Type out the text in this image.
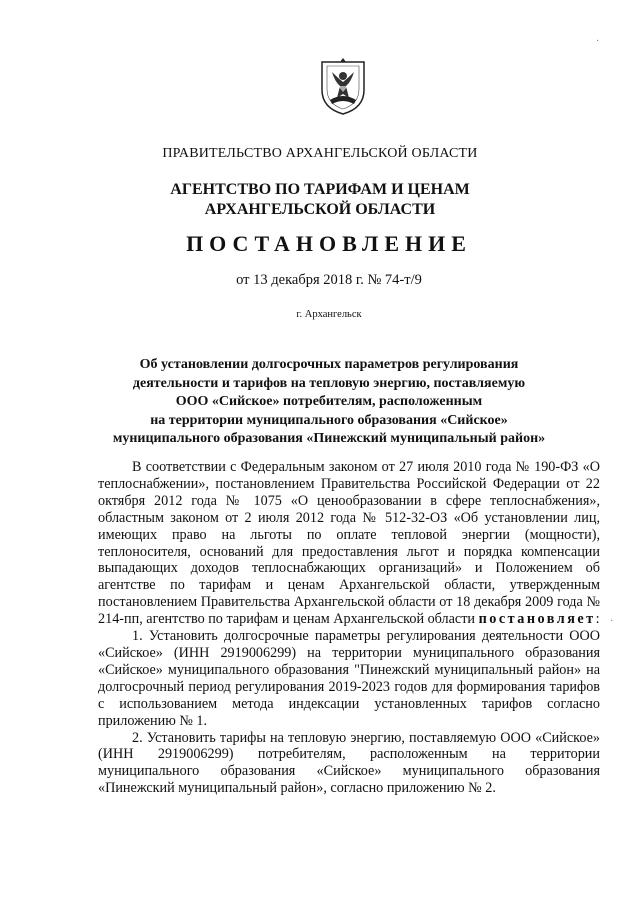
ПРАВИТЕЛЬСТВО АРХАНГЕЛЬСКОЙ ОБЛАСТИ
АГЕНТСТВО ПО ТАРИФАМ И ЦЕНАМ
АРХАНГЕЛЬСКОЙ ОБЛАСТИ
ПОСТАНОВЛЕНИЕ
от 13 декабря 2018 г. № 74-т/9
г. Архангельск
Об установлении долгосрочных параметров регулирования
деятельности и тарифов на тепловую энергию, поставляемую
ООО «Сийское» потребителям, расположенным
на территории муниципального образования «Сийское»
муниципального образования «Пинежский муниципальный район»

В соответствии с Федеральным законом от 27 июля 2010 года № 190-ФЗ «О теплоснабжении», постановлением Правительства Российской Федерации от 22 октября 2012 года № 1075 «О ценообразовании в сфере теплоснабжения», областным законом от 2 июля 2012 года № 512-32-ОЗ «Об установлении лиц, имеющих право на льготы по оплате тепловой энергии (мощности), теплоносителя, оснований для предоставления льгот и порядка компенсации выпадающих доходов теплоснабжающих организаций» и Положением об агентстве по тарифам и ценам Архангельской области, утвержденным постановлением Правительства Архангельской области от 18 декабря 2009 года № 214-пп, агентство по тарифам и ценам Архангельской области постановляет:

1. Установить долгосрочные параметры регулирования деятельности ООО «Сийское» (ИНН 2919006299) на территории муниципального образования «Сийское» муниципального образования "Пинежский муниципальный район» на долгосрочный период регулирования 2019-2023 годов для формирования тарифов с использованием метода индексации установленных тарифов согласно приложению № 1.

2. Установить тарифы на тепловую энергию, поставляемую ООО «Сийское» (ИНН 2919006299) потребителям, расположенным на территории муниципального образования «Сийское» муниципального образования «Пинежский муниципальный район», согласно приложению № 2.

·
·
